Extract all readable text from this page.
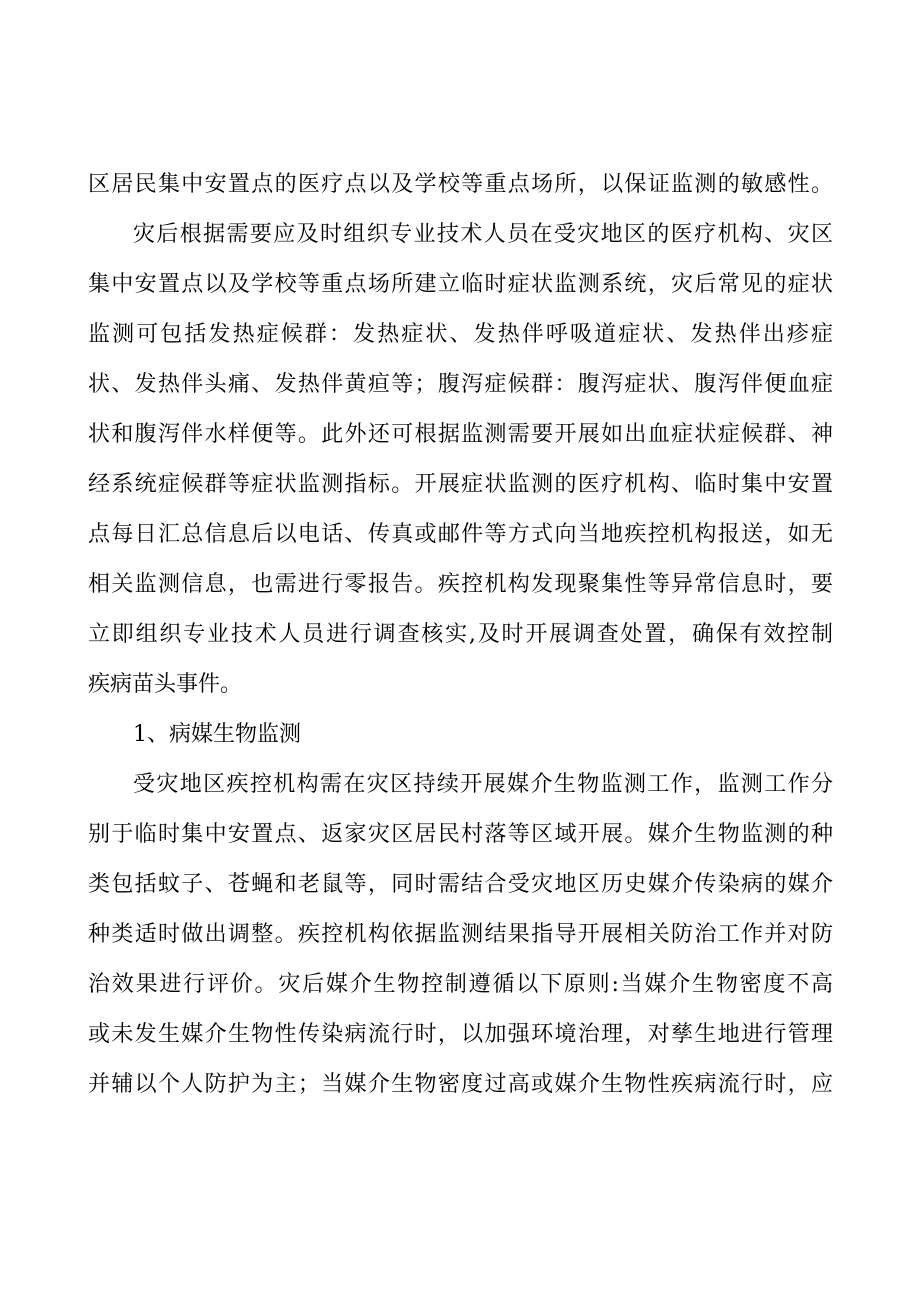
区居民集中安置点的医疗点以及学校等重点场所，以保证监测的敏感性。
灾后根据需要应及时组织专业技术人员在受灾地区的医疗机构、灾区
集中安置点以及学校等重点场所建立临时症状监测系统，灾后常见的症状
监测可包括发热症候群：发热症状、发热伴呼吸道症状、发热伴出疹症
状、发热伴头痛、发热伴黄疸等；腹泻症候群：腹泻症状、腹泻伴便血症
状和腹泻伴水样便等。此外还可根据监测需要开展如出血症状症候群、神
经系统症候群等症状监测指标。开展症状监测的医疗机构、临时集中安置
点每日汇总信息后以电话、传真或邮件等方式向当地疾控机构报送，如无
相关监测信息，也需进行零报告。疾控机构发现聚集性等异常信息时，要
立即组织专业技术人员进行调查核实,及时开展调查处置，确保有效控制
疾病苗头事件。
1、病媒生物监测
受灾地区疾控机构需在灾区持续开展媒介生物监测工作，监测工作分
别于临时集中安置点、返家灾区居民村落等区域开展。媒介生物监测的种
类包括蚊子、苍蝇和老鼠等，同时需结合受灾地区历史媒介传染病的媒介
种类适时做出调整。疾控机构依据监测结果指导开展相关防治工作并对防
治效果进行评价。灾后媒介生物控制遵循以下原则:当媒介生物密度不高
或未发生媒介生物性传染病流行时，以加强环境治理，对孳生地进行管理
并辅以个人防护为主；当媒介生物密度过高或媒介生物性疾病流行时，应
